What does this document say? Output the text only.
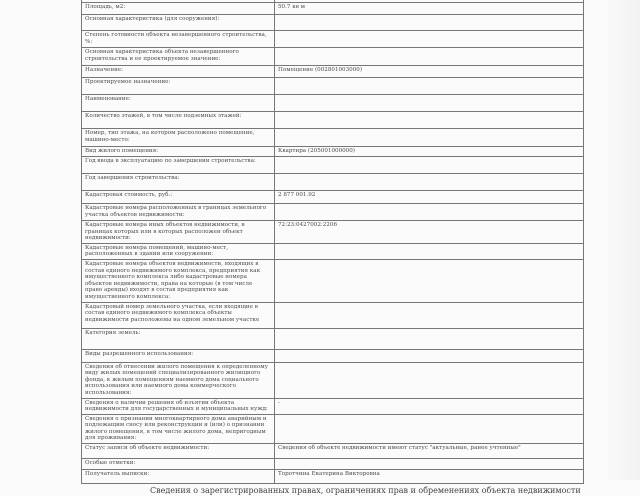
Площадь, м2:	50.7 кв м
Основная характеристика (для сооружения):	
Степень готовности объекта незавершенного строительства, %:	
Основная характеристика объекта незавершенного строительства и ее проектируемое значение:	
Назначение:	Помещение (002801003000)
Проектируемое назначение:	
Наименование:	
Количество этажей, в том числе подземных этажей:	
Номер, тип этажа, на котором расположено помещение, машино-место:	
Вид жилого помещения:	Квартира (205001000000)
Год ввода в эксплуатацию по завершении строительства:	
Год завершения строительства:	
Кадастровая стоимость, руб.:	2 877 001.92
Кадастровые номера расположенных в границах земельного участка объектов недвижимости:	
Кадастровые номера иных объектов недвижимости, в границах которых или в которых расположен объект недвижимости:	72:23:0427002:2206
Кадастровые номера помещений, машино-мест, расположенных в здании или сооружении:	
Кадастровые номера объектов недвижимости, входящих в состав единого недвижимого комплекса, предприятия как имущественного комплекса либо кадастровые номера объектов недвижимости, права на которые (в том числе право аренды) входят в состав предприятия как имущественного комплекса:	
Кадастровый номер земельного участка, если входящие в состав единого недвижимого комплекса объекты недвижимости расположены на одном земельном участке	
Категория земель:	
Виды разрешенного использования:	
Сведения об отнесении жилого помещения к определенному виду жилых помещений специализированного жилищного фонда, к жилым помещениям наемного дома социального использования или наемного дома коммерческого использования:	
Сведения о наличии решения об изъятии объекта недвижимости для государственных и муниципальных нужд:	-
Сведения о признании многоквартирного дома аварийным и подлежащим сносу или реконструкции и (или) о признании жилого помещения, в том числе жилого дома, непригодным для проживания:	
Статус записи об объекте недвижимости:	Сведения об объекте недвижимости имеют статус "актуальные, ранее учтенные"
Особые отметки:	
Получатель выписки:	Тоpотчина Екатерина Викторовна
Сведения о зарегистрированных правах, ограничениях прав и обременениях объекта недвижимости
